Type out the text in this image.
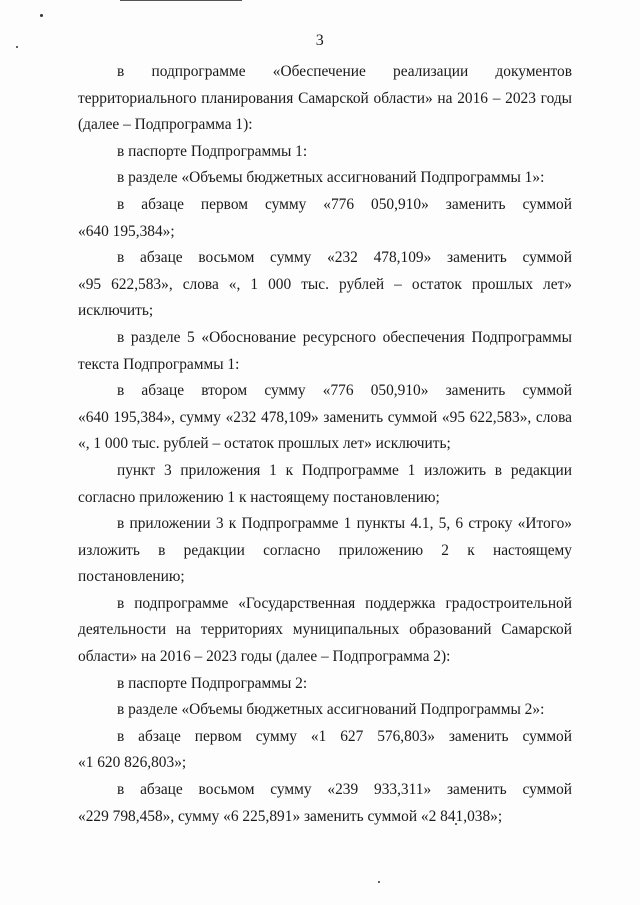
3
в подпрограмме «Обеспечение реализации документов
территориального планирования Самарской области» на 2016 – 2023 годы
(далее – Подпрограмма 1):
в паспорте Подпрограммы 1:
в разделе «Объемы бюджетных ассигнований Подпрограммы 1»:
в абзаце первом сумму «776 050,910» заменить суммой
«640 195,384»;
в абзаце восьмом сумму «232 478,109» заменить суммой
«95 622,583», слова «, 1 000 тыс. рублей – остаток прошлых лет»
исключить;
в разделе 5 «Обоснование ресурсного обеспечения Подпрограммы
текста Подпрограммы 1:
в абзаце втором сумму «776 050,910» заменить суммой
«640 195,384», сумму «232 478,109» заменить суммой «95 622,583», слова
«, 1 000 тыс. рублей – остаток прошлых лет» исключить;
пункт 3 приложения 1 к Подпрограмме 1 изложить в редакции
согласно приложению 1 к настоящему постановлению;
в приложении 3 к Подпрограмме 1 пункты 4.1, 5, 6 строку «Итого»
изложить в редакции согласно приложению 2 к настоящему
постановлению;
в подпрограмме «Государственная поддержка градостроительной
деятельности на территориях муниципальных образований Самарской
области» на 2016 – 2023 годы (далее – Подпрограмма 2):
в паспорте Подпрограммы 2:
в разделе «Объемы бюджетных ассигнований Подпрограммы 2»:
в абзаце первом сумму «1 627 576,803» заменить суммой
«1 620 826,803»;
в абзаце восьмом сумму «239 933,311» заменить суммой
«229 798,458», сумму «6 225,891» заменить суммой «2 841,038»;
